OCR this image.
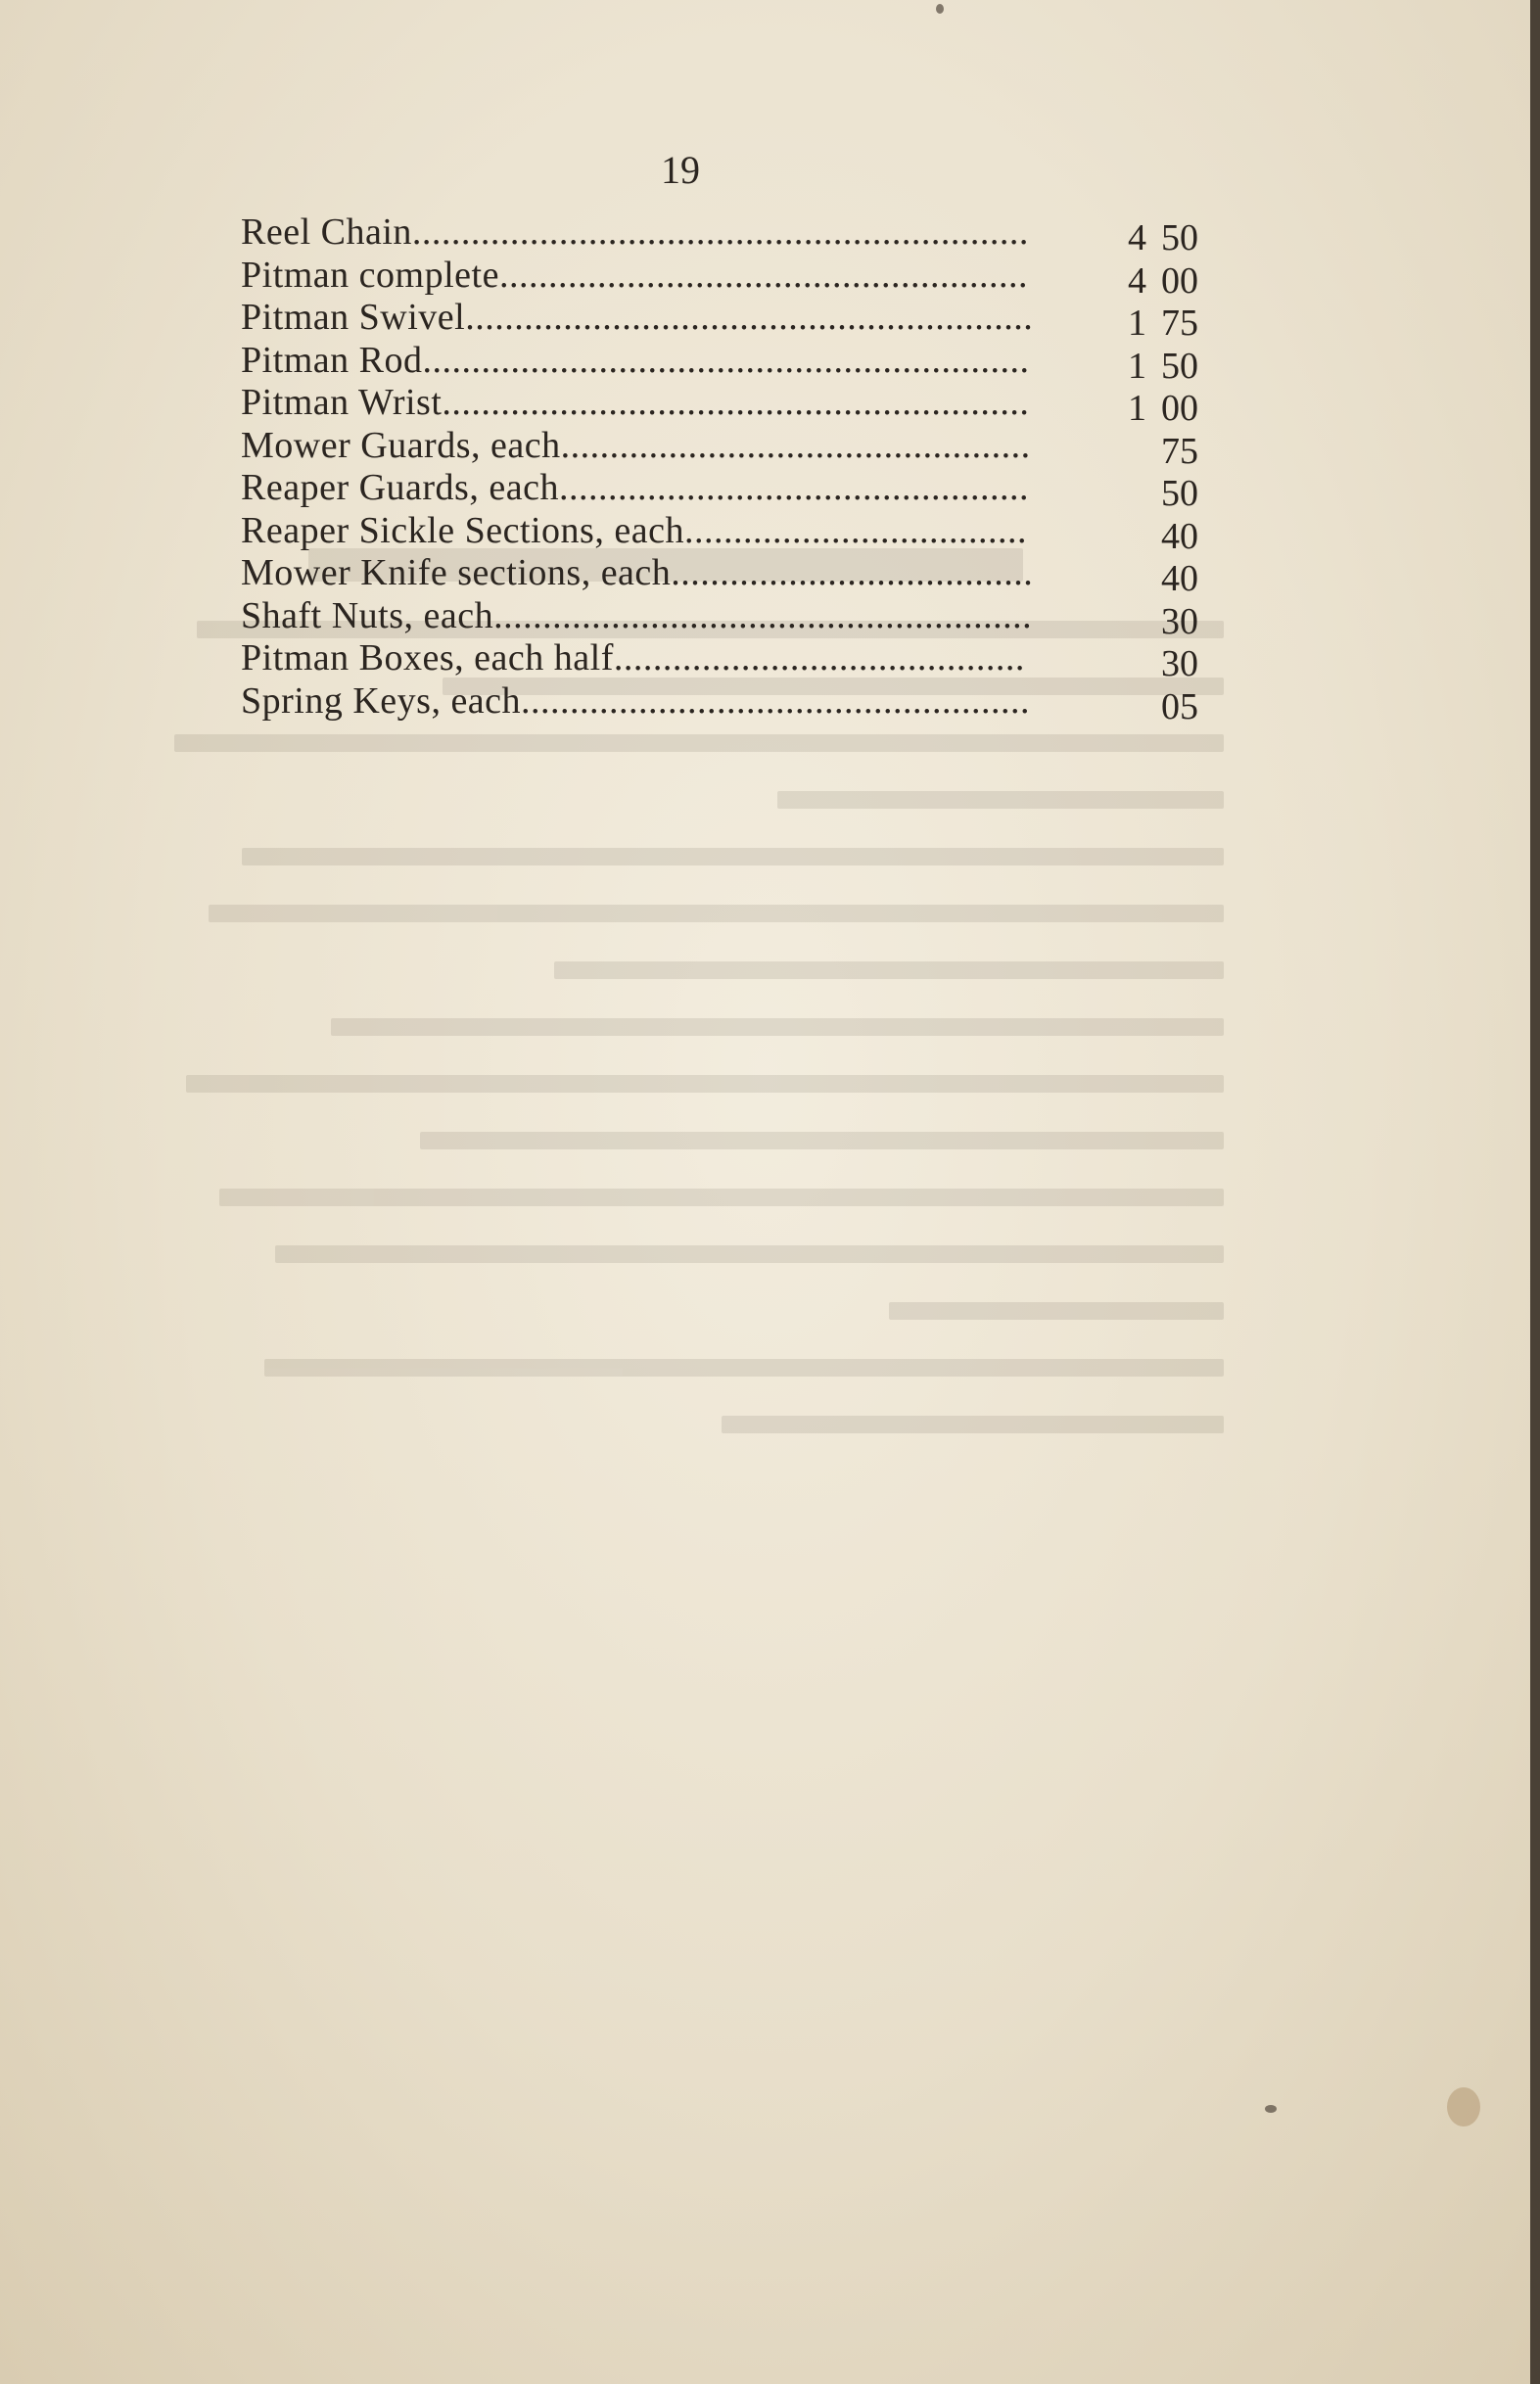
19
Reel Chain...............................................................	4 50
Pitman complete......................................................	4 00
Pitman Swivel..........................................................	1 75
Pitman Rod..............................................................	1 50
Pitman Wrist............................................................	1 00
Mower Guards, each................................................	75
Reaper Guards, each................................................	50
Reaper Sickle Sections, each...................................	40
Mower Knife sections, each.....................................	40
Shaft Nuts, each.......................................................	30
Pitman Boxes, each half..........................................	30
Spring Keys, each....................................................	05
